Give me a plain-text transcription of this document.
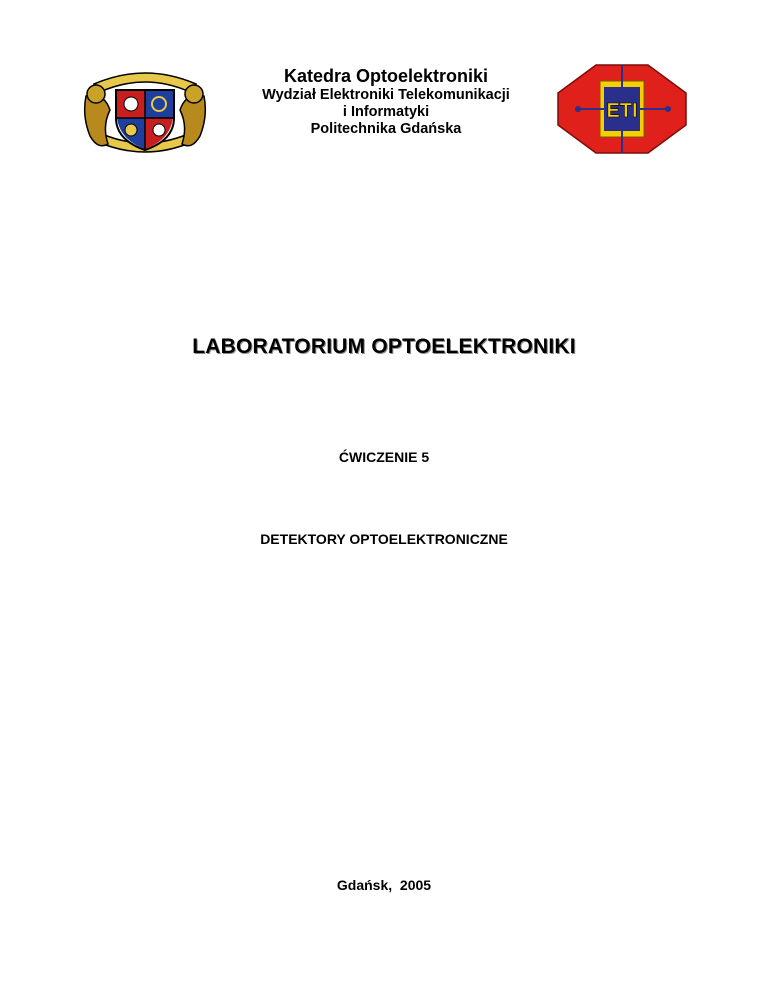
Katedra Optoelektroniki

Wydział Elektroniki Telekomunikacji

i Informatyki

Politechnika Gdańska

ETI
LABORATORIUM OPTOELEKTRONIKI
ĆWICZENIE 5
DETEKTORY OPTOELEKTRONICZNE
Gdańsk,  2005
